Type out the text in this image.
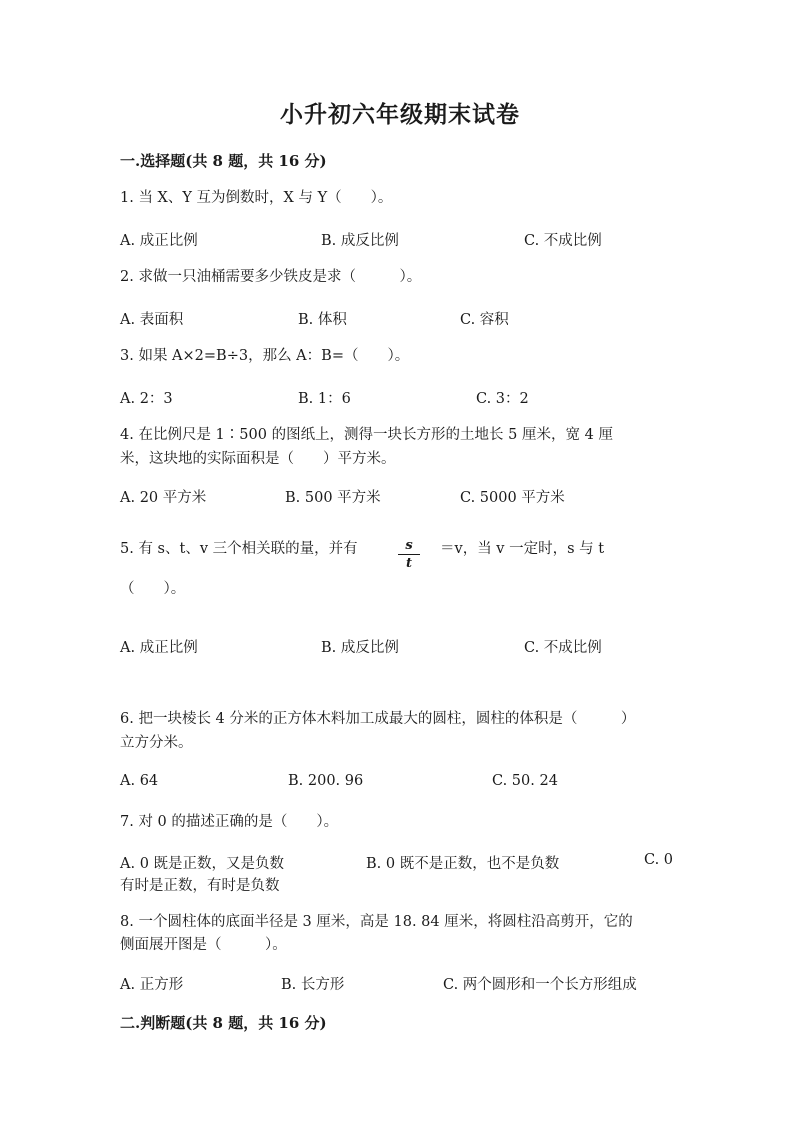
小升初六年级期末试卷
一.选择题(共 8 题，共 16 分)
1. 当 X、Y 互为倒数时，X 与 Y（　　）。
A. 成正比例	B. 成反比例	C. 不成比例
2. 求做一只油桶需要多少铁皮是求（　　　）。
A. 表面积	B. 体积	C. 容积
3. 如果 A×2=B÷3，那么 A：B=（　　）。
A. 2：3	B. 1：6	C. 3：2
4. 在比例尺是 1∶500 的图纸上，测得一块长方形的土地长 5 厘米，宽 4 厘
米，这块地的实际面积是（　　）平方米。
A. 20 平方米	B. 500 平方米	C. 5000 平方米
5. 有 s、t、v 三个相关联的量，并有	$\frac{s}{t} =v$，当 v 一定时，s 与 t
（　　）。
A. 成正比例	B. 成反比例	C. 不成比例
6. 把一块棱长 4 分米的正方体木料加工成最大的圆柱，圆柱的体积是（　　　）
立方分米。
A. 64	B. 200. 96	C. 50. 24
7. 对 0 的描述正确的是（　　）。
A. 0 既是正数，又是负数	B. 0 既不是正数，也不是负数	C. 0
有时是正数，有时是负数
8. 一个圆柱体的底面半径是 3 厘米，高是 18. 84 厘米，将圆柱沿高剪开，它的
侧面展开图是（　　　）。
A. 正方形	B. 长方形	C. 两个圆形和一个长方形组成
二.判断题(共 8 题，共 16 分)
